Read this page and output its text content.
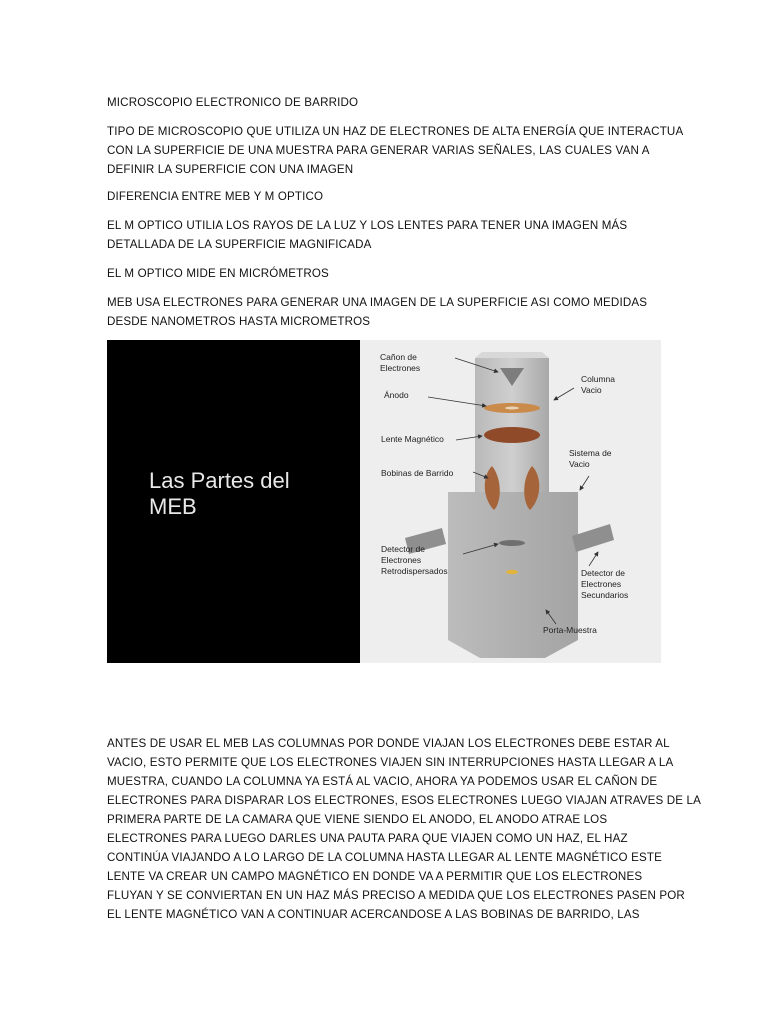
MICROSCOPIO ELECTRONICO DE BARRIDO
TIPO DE MICROSCOPIO QUE UTILIZA UN HAZ DE ELECTRONES DE ALTA ENERGÍA QUE INTERACTUA
CON LA SUPERFICIE DE UNA MUESTRA PARA GENERAR VARIAS SEÑALES, LAS CUALES VAN A
DEFINIR LA SUPERFICIE CON UNA IMAGEN
DIFERENCIA ENTRE MEB Y M OPTICO
EL M OPTICO UTILIA LOS RAYOS DE LA LUZ Y LOS LENTES PARA TENER UNA IMAGEN MÁS
DETALLADA DE LA SUPERFICIE MAGNIFICADA
EL M OPTICO MIDE EN MICRÓMETROS
MEB USA ELECTRONES PARA GENERAR UNA IMAGEN DE LA SUPERFICIE ASI COMO MEDIDAS
DESDE NANOMETROS HASTA MICROMETROS
Las Partes del
MEB
Cañon de
Electrones
Ánodo
Lente Magnético
Bobinas de Barrido
Detector de
Electrones
Retrodispersados
Columna
Vacio
Sistema de
Vacio
Detector de
Electrones
Secundarios
Porta-Muestra
ANTES DE USAR EL MEB LAS COLUMNAS POR DONDE VIAJAN LOS ELECTRONES DEBE ESTAR AL
VACIO, ESTO PERMITE QUE LOS ELECTRONES VIAJEN SIN INTERRUPCIONES HASTA LLEGAR A LA
MUESTRA, CUANDO LA COLUMNA YA ESTÁ AL VACIO, AHORA YA PODEMOS USAR EL CAÑON DE
ELECTRONES PARA DISPARAR LOS ELECTRONES, ESOS ELECTRONES LUEGO VIAJAN ATRAVES DE LA
PRIMERA PARTE DE LA CAMARA QUE VIENE SIENDO EL ANODO, EL ANODO ATRAE LOS
ELECTRONES PARA LUEGO DARLES UNA PAUTA PARA QUE VIAJEN COMO UN HAZ, EL HAZ
CONTINÚA VIAJANDO A LO LARGO DE LA COLUMNA HASTA LLEGAR AL LENTE MAGNÉTICO ESTE
LENTE VA CREAR UN CAMPO MAGNÉTICO EN DONDE VA A PERMITIR QUE LOS ELECTRONES
FLUYAN Y SE CONVIERTAN EN UN HAZ MÁS PRECISO A MEDIDA QUE LOS ELECTRONES PASEN POR
EL LENTE MAGNÉTICO VAN A CONTINUAR ACERCANDOSE A LAS BOBINAS DE BARRIDO, LAS
